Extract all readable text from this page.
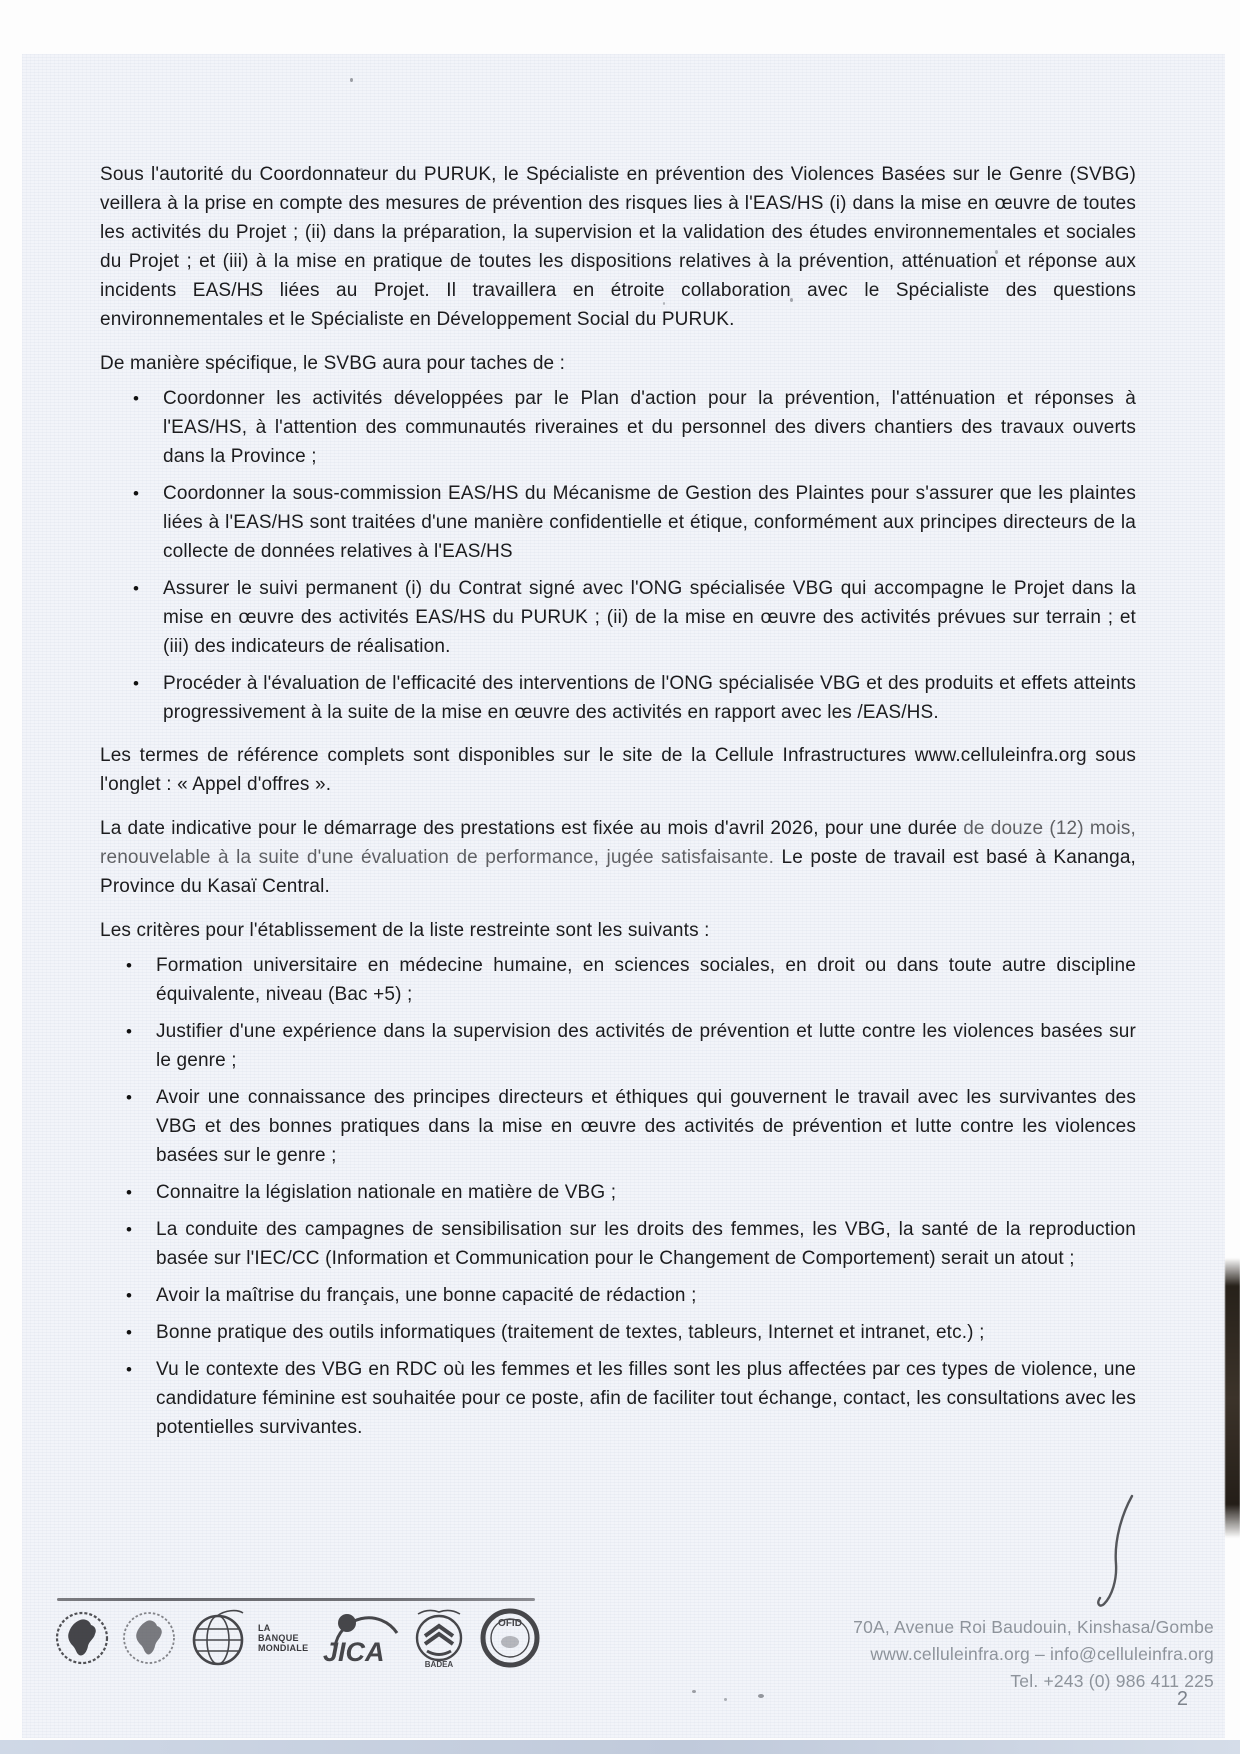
Sous l'autorité du Coordonnateur du PURUK, le Spécialiste en prévention des Violences Basées sur le Genre (SVBG) veillera à la prise en compte des mesures de prévention des risques lies à l'EAS/HS (i) dans la mise en œuvre de toutes les activités du Projet ; (ii) dans la préparation, la supervision et la validation des études environnementales et sociales du Projet ; et (iii) à la mise en pratique de toutes les dispositions relatives à la prévention, atténuation et réponse aux incidents EAS/HS liées au Projet. Il travaillera en étroite collaboration avec le Spécialiste des questions environnementales et le Spécialiste en Développement Social du PURUK.

De manière spécifique, le SVBG aura pour taches de :

•	Coordonner les activités développées par le Plan d'action pour la prévention, l'atténuation et réponses à l'EAS/HS, à l'attention des communautés riveraines et du personnel des divers chantiers des travaux ouverts dans la Province ;
•	Coordonner la sous-commission EAS/HS du Mécanisme de Gestion des Plaintes pour s'assurer que les plaintes liées à l'EAS/HS sont traitées d'une manière confidentielle et étique, conformément aux principes directeurs de la collecte de données relatives à l'EAS/HS
•	Assurer le suivi permanent (i) du Contrat signé avec l'ONG spécialisée VBG qui accompagne le Projet dans la mise en œuvre des activités EAS/HS du PURUK ; (ii) de la mise en œuvre des activités prévues sur terrain ; et (iii) des indicateurs de réalisation.
•	Procéder à l'évaluation de l'efficacité des interventions de l'ONG spécialisée VBG et des produits et effets atteints progressivement à la suite de la mise en œuvre des activités en rapport avec les /EAS/HS.

Les termes de référence complets sont disponibles sur le site de la Cellule Infrastructures www.celluleinfra.org sous l'onglet : « Appel d'offres ».

La date indicative pour le démarrage des prestations est fixée au mois d'avril 2026, pour une durée de douze (12) mois, renouvelable à la suite d'une évaluation de performance, jugée satisfaisante. Le poste de travail est basé à Kananga, Province du Kasaï Central.

Les critères pour l'établissement de la liste restreinte sont les suivants :

•	Formation universitaire en médecine humaine, en sciences sociales, en droit ou dans toute autre discipline équivalente, niveau (Bac +5) ;
•	Justifier d'une expérience dans la supervision des activités de prévention et lutte contre les violences basées sur le genre ;
•	Avoir une connaissance des principes directeurs et éthiques qui gouvernent le travail avec les survivantes des VBG et des bonnes pratiques dans la mise en œuvre des activités de prévention et lutte contre les violences basées sur le genre ;
•	Connaitre la législation nationale en matière de VBG ;
•	La conduite des campagnes de sensibilisation sur les droits des femmes, les VBG, la santé de la reproduction basée sur l'IEC/CC (Information et Communication pour le Changement de Comportement) serait un atout ;
•	Avoir la maîtrise du français, une bonne capacité de rédaction ;
•	Bonne pratique des outils informatiques (traitement de textes, tableurs, Internet et intranet, etc.) ;
•	Vu le contexte des VBG en RDC où les femmes et les filles sont les plus affectées par ces types de violence, une candidature féminine est souhaitée pour ce poste, afin de faciliter tout échange, contact, les consultations avec les potentielles survivantes.
LA BANQUE
MONDIALE JICA	BADEA
OFID	70A, Avenue Roi Baudouin, Kinshasa/Gombe
www.celluleinfra.org – info@celluleinfra.org
Tel. +243 (0) 986 411 225
2
